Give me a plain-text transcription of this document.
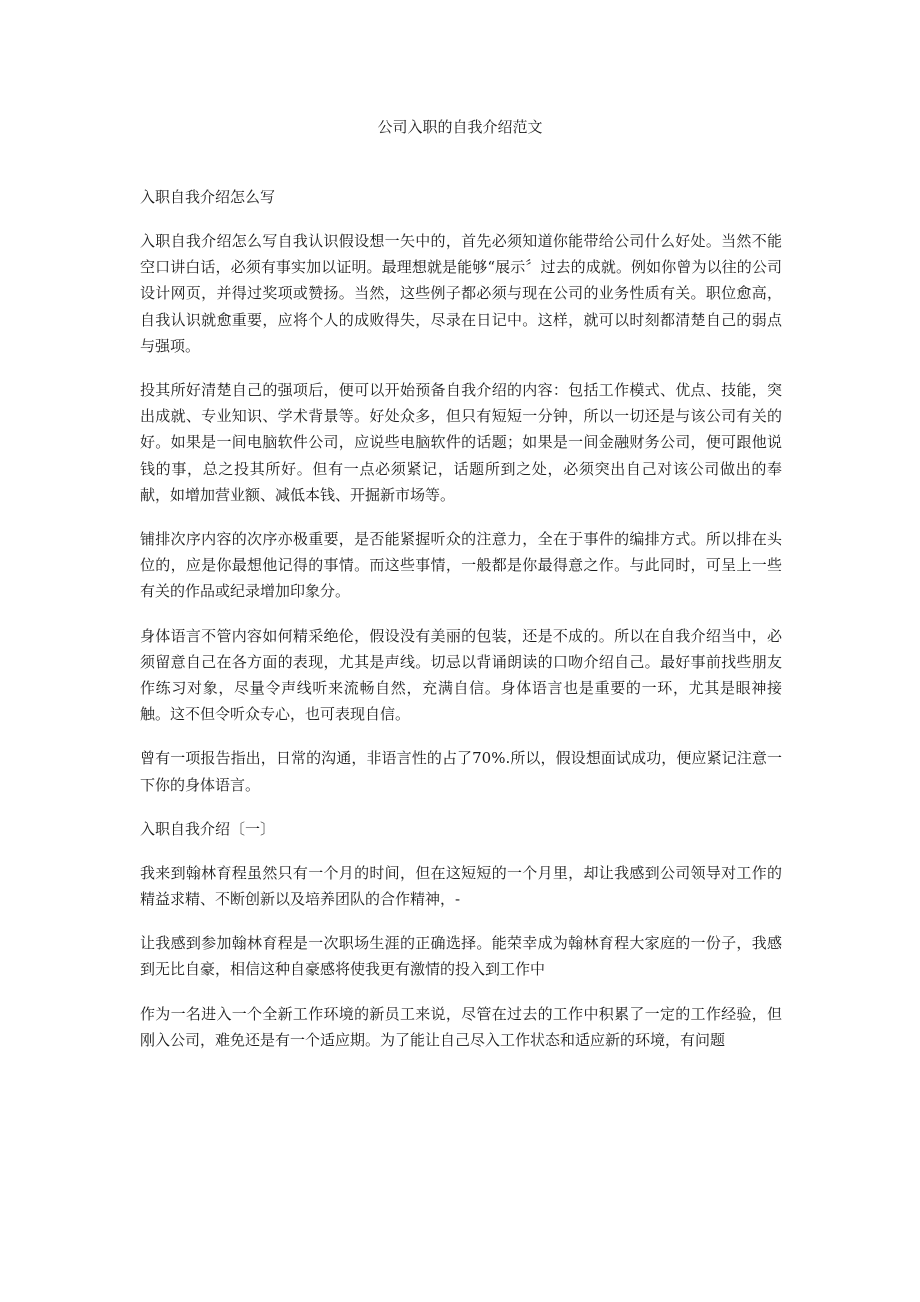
公司入职的自我介绍范文
入职自我介绍怎么写

入职自我介绍怎么写自我认识假设想一矢中的，首先必须知道你能带给公司什么好处。当然不能空口讲白话，必须有事实加以证明。最理想就是能够“展示〞过去的成就。例如你曾为以往的公司设计网页，并得过奖项或赞扬。当然，这些例子都必须与现在公司的业务性质有关。职位愈高，自我认识就愈重要，应将个人的成败得失，尽录在日记中。这样，就可以时刻都清楚自己的弱点与强项。

投其所好清楚自己的强项后，便可以开始预备自我介绍的内容：包括工作模式、优点、技能，突出成就、专业知识、学术背景等。好处众多，但只有短短一分钟，所以一切还是与该公司有关的好。如果是一间电脑软件公司，应说些电脑软件的话题；如果是一间金融财务公司，便可跟他说钱的事，总之投其所好。但有一点必须紧记，话题所到之处，必须突出自己对该公司做出的奉献，如增加营业额、减低本钱、开掘新市场等。

铺排次序内容的次序亦极重要，是否能紧握听众的注意力，全在于事件的编排方式。所以排在头位的，应是你最想他记得的事情。而这些事情，一般都是你最得意之作。与此同时，可呈上一些有关的作品或纪录增加印象分。

身体语言不管内容如何精采绝伦，假设没有美丽的包装，还是不成的。所以在自我介绍当中，必须留意自己在各方面的表现，尤其是声线。切忌以背诵朗读的口吻介绍自己。最好事前找些朋友作练习对象，尽量令声线听来流畅自然，充满自信。身体语言也是重要的一环，尤其是眼神接触。这不但令听众专心，也可表现自信。

曾有一项报告指出，日常的沟通，非语言性的占了70%.所以，假设想面试成功，便应紧记注意一下你的身体语言。

入职自我介绍〔一〕

我来到翰林育程虽然只有一个月的时间，但在这短短的一个月里，却让我感到公司领导对工作的精益求精、不断创新以及培养团队的合作精神，-

让我感到参加翰林育程是一次职场生涯的正确选择。能荣幸成为翰林育程大家庭的一份子，我感到无比自豪，相信这种自豪感将使我更有激情的投入到工作中

作为一名进入一个全新工作环境的新员工来说，尽管在过去的工作中积累了一定的工作经验，但刚入公司，难免还是有一个适应期。为了能让自己尽入工作状态和适应新的环境，有问题
